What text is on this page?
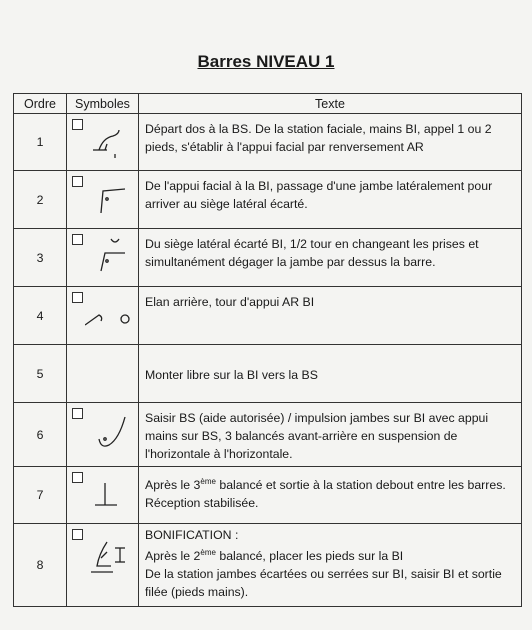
Barres NIVEAU 1
Ordre	Symboles	Texte
1		Départ dos à la BS. De la station faciale, mains BI, appel 1 ou 2 pieds, s'établir à l'appui facial par renversement AR
2		De l'appui facial à la BI, passage d'une jambe latéralement pour arriver au siège latéral écarté.
3		Du siège latéral écarté BI, 1/2 tour en changeant les prises et simultanément dégager la jambe par dessus la barre.
4		Elan arrière, tour d'appui AR BI
5		Monter libre sur la BI vers la BS
6		Saisir BS (aide autorisée) / impulsion jambes sur BI avec appui mains sur BS, 3 balancés avant-arrière en suspension de l'horizontale à l'horizontale.
7		Après le 3ème balancé et sortie à la station debout entre les barres.
Réception stabilisée.

8		BONIFICATION :
Après le 2ème balancé, placer les pieds sur la BI
De la station jambes écartées ou serrées sur BI, saisir BI et sortie filée (pieds mains).
